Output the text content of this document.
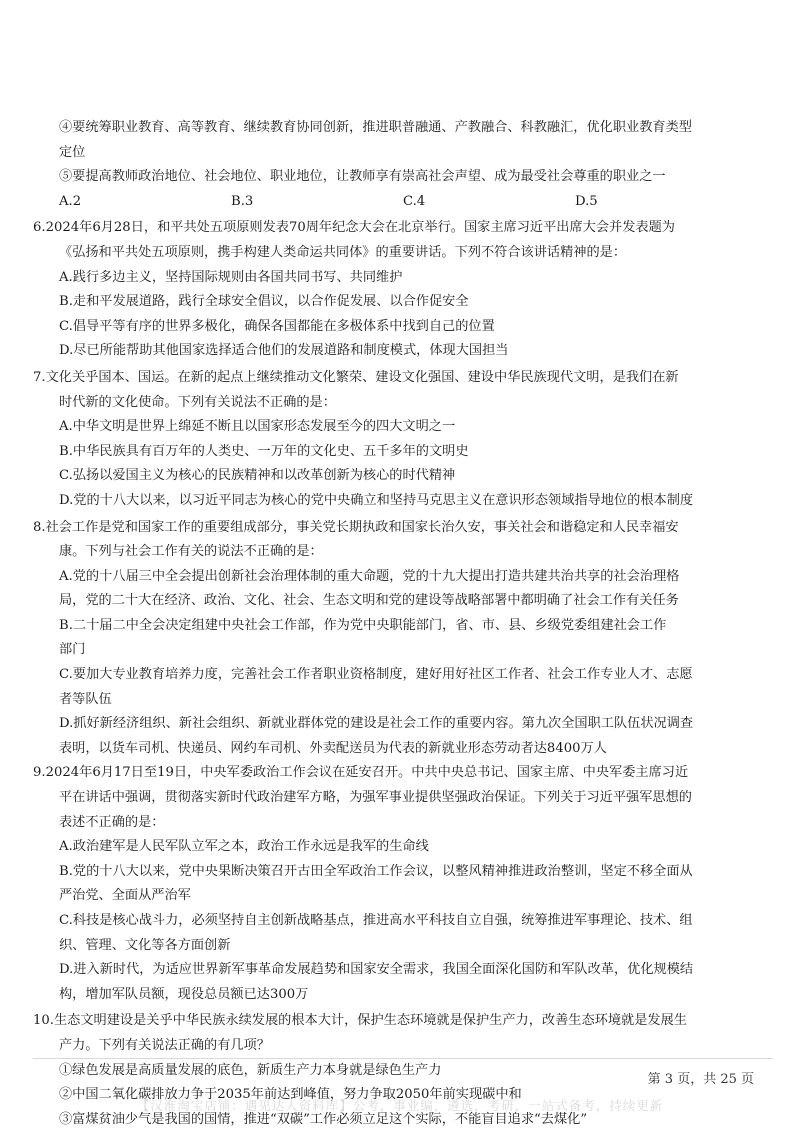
④要统筹职业教育、高等教育、继续教育协同创新，推进职普融通、产教融合、科教融汇，优化职业教育类型
定位
⑤要提高教师政治地位、社会地位、职业地位，让教师享有崇高社会声望、成为最受社会尊重的职业之一
A.2	B.3	C.4	D.5
6.2024年6月28日，和平共处五项原则发表70周年纪念大会在北京举行。国家主席习近平出席大会并发表题为
《弘扬和平共处五项原则，携手构建人类命运共同体》的重要讲话。下列不符合该讲话精神的是：
A.践行多边主义，坚持国际规则由各国共同书写、共同维护
B.走和平发展道路，践行全球安全倡议，以合作促发展、以合作促安全
C.倡导平等有序的世界多极化，确保各国都能在多极体系中找到自己的位置
D.尽已所能帮助其他国家选择适合他们的发展道路和制度模式，体现大国担当
7.文化关乎国本、国运。在新的起点上继续推动文化繁荣、建设文化强国、建设中华民族现代文明，是我们在新
时代新的文化使命。下列有关说法不正确的是：
A.中华文明是世界上绵延不断且以国家形态发展至今的四大文明之一
B.中华民族具有百万年的人类史、一万年的文化史、五千多年的文明史
C.弘扬以爱国主义为核心的民族精神和以改革创新为核心的时代精神
D.党的十八大以来，以习近平同志为核心的党中央确立和坚持马克思主义在意识形态领域指导地位的根本制度
8.社会工作是党和国家工作的重要组成部分，事关党长期执政和国家长治久安，事关社会和谐稳定和人民幸福安
康。下列与社会工作有关的说法不正确的是：
A.党的十八届三中全会提出创新社会治理体制的重大命题，党的十九大提出打造共建共治共享的社会治理格
局，党的二十大在经济、政治、文化、社会、生态文明和党的建设等战略部署中都明确了社会工作有关任务
B.二十届二中全会决定组建中央社会工作部，作为党中央职能部门，省、市、县、乡级党委组建社会工作
部门
C.要加大专业教育培养力度，完善社会工作者职业资格制度，建好用好社区工作者、社会工作专业人才、志愿
者等队伍
D.抓好新经济组织、新社会组织、新就业群体党的建设是社会工作的重要内容。第九次全国职工队伍状况调查
表明，以货车司机、快递员、网约车司机、外卖配送员为代表的新就业形态劳动者达8400万人
9.2024年6月17日至19日，中央军委政治工作会议在延安召开。中共中央总书记、国家主席、中央军委主席习近
平在讲话中强调，贯彻落实新时代政治建军方略，为强军事业提供坚强政治保证。下列关于习近平强军思想的
表述不正确的是：
A.政治建军是人民军队立军之本，政治工作永远是我军的生命线
B.党的十八大以来，党中央果断决策召开古田全军政治工作会议，以整风精神推进政治整训，坚定不移全面从
严治党、全面从严治军
C.科技是核心战斗力，必须坚持自主创新战略基点，推进高水平科技自立自强，统筹推进军事理论、技术、组
织、管理、文化等各方面创新
D.进入新时代，为适应世界新军事革命发展趋势和国家安全需求，我国全面深化国防和军队改革，优化规模结
构，增加军队员额，现役总员额已达300万
10.生态文明建设是关乎中华民族永续发展的根本大计，保护生态环境就是保护生产力，改善生态环境就是发展生
产力。下列有关说法正确的有几项？
①绿色发展是高质量发展的底色，新质生产力本身就是绿色生产力
②中国二氧化碳排放力争于2035年前达到峰值，努力争取2050年前实现碳中和
③富煤贫油少气是我国的国情，推进“双碳”工作必须立足这个实际，不能盲目追求“去煤化”
第 3 页，共 25 页
【汉淮淘宝店铺：遇见达人资料库】公考，事业编，遴选，考研，一站式备考，持续更新
